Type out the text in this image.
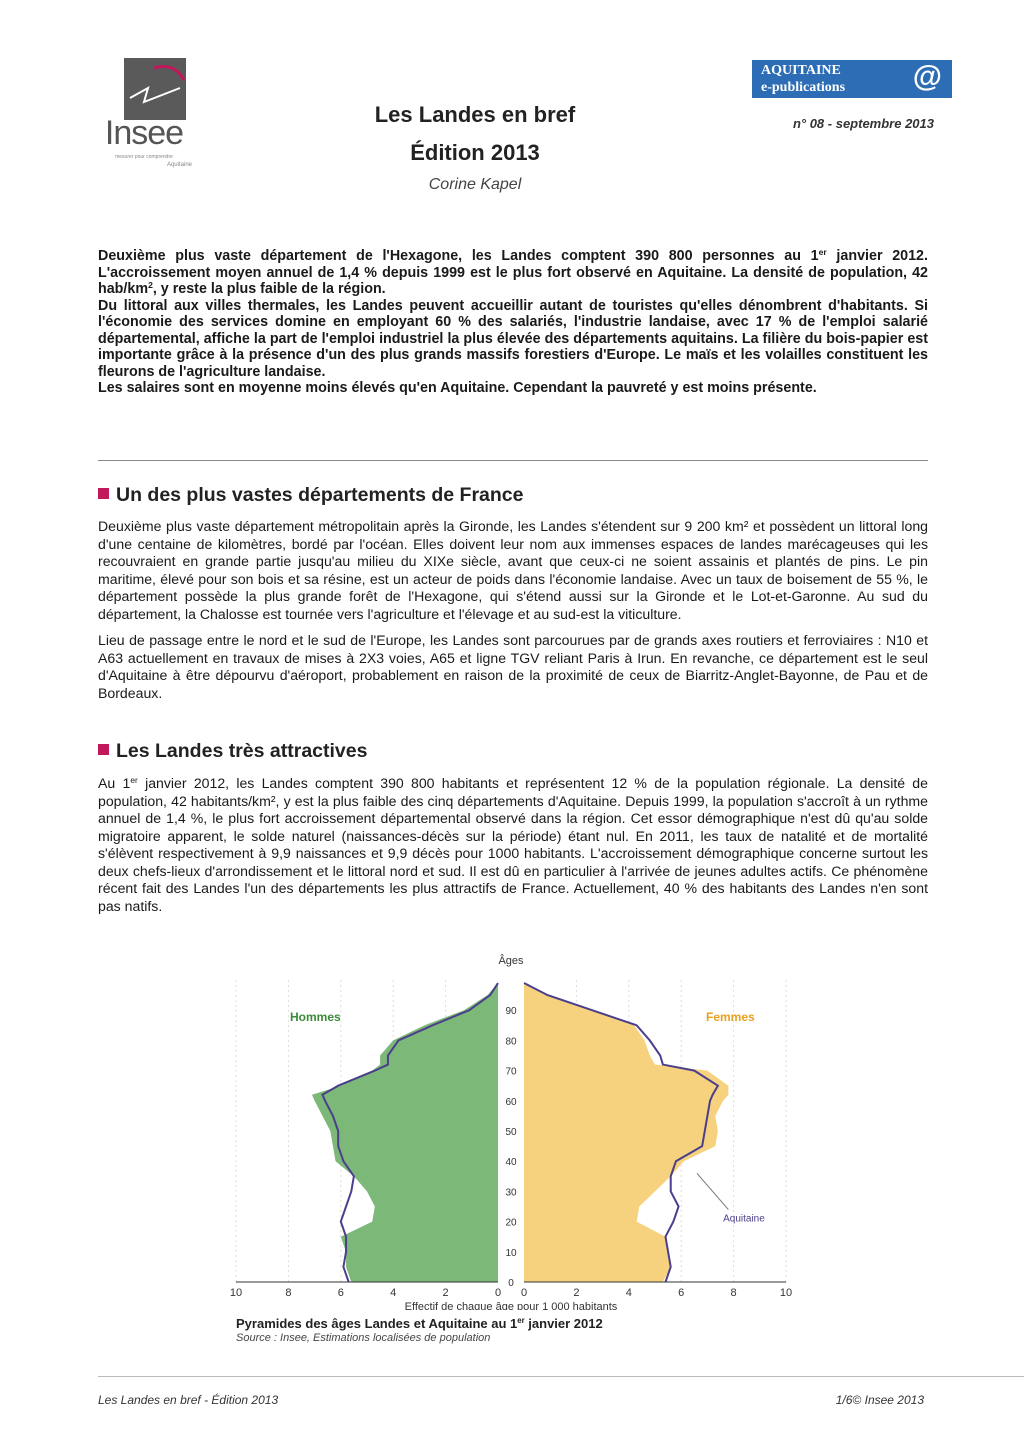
Insee
mesurer pour comprendre
Aquitaine
AQUITAINE
e-publications @
n° 08 - septembre 2013
Les Landes en bref
Édition 2013
Corine Kapel

Deuxième plus vaste département de l'Hexagone, les Landes comptent 390 800 personnes au 1er janvier 2012. L'accroissement moyen annuel de 1,4 % depuis 1999 est le plus fort observé en Aquitaine. La densité de population, 42 hab/$km^2$, y reste la plus faible de la région.

Du littoral aux villes thermales, les Landes peuvent accueillir autant de touristes qu'elles dénombrent d'habitants. Si l'économie des services domine en employant 60 % des salariés, l'industrie landaise, avec 17 % de l'emploi salarié départemental, affiche la part de l'emploi industriel la plus élevée des départements aquitains. La filière du bois-papier est importante grâce à la présence d'un des plus grands massifs forestiers d'Europe. Le maïs et les volailles constituent les fleurons de l'agriculture landaise.

Les salaires sont en moyenne moins élevés qu'en Aquitaine. Cependant la pauvreté y est moins présente.

Un des plus vastes départements de France

Deuxième plus vaste département métropolitain après la Gironde, les Landes s'étendent sur 9 200 km² et possèdent un littoral long d'une centaine de kilomètres, bordé par l'océan. Elles doivent leur nom aux immenses espaces de landes marécageuses qui les recouvraient en grande partie jusqu'au milieu du XIXe siècle, avant que ceux-ci ne soient assainis et plantés de pins. Le pin maritime, élevé pour son bois et sa résine, est un acteur de poids dans l'économie landaise. Avec un taux de boisement de 55 %, le département possède la plus grande forêt de l'Hexagone, qui s'étend aussi sur la Gironde et le Lot-et-Garonne. Au sud du département, la Chalosse est tournée vers l'agriculture et l'élevage et au sud-est la viticulture.

Lieu de passage entre le nord et le sud de l'Europe, les Landes sont parcourues par de grands axes routiers et ferroviaires : N10 et A63 actuellement en travaux de mises à 2X3 voies, A65 et ligne TGV reliant Paris à Irun. En revanche, ce département est le seul d'Aquitaine à être dépourvu d'aéroport, probablement en raison de la proximité de ceux de Biarritz-Anglet-Bayonne, de Pau et de Bordeaux.

Les Landes très attractives

Au 1er janvier 2012, les Landes comptent 390 800 habitants et représentent 12 % de la population régionale. La densité de population, 42 habitants/km², y est la plus faible des cinq départements d'Aquitaine. Depuis 1999, la population s'accroît à un rythme annuel de 1,4 %, le plus fort accroissement départemental observé dans la région. Cet essor démographique n'est dû qu'au solde migratoire apparent, le solde naturel (naissances-décès sur la période) étant nul. En 2011, les taux de natalité et de mortalité s'élèvent respectivement à 9,9 naissances et 9,9 décès pour 1000 habitants. L'accroissement démographique concerne surtout les deux chefs-lieux d'arrondissement et le littoral nord et sud. Il est dû en particulier à l'arrivée de jeunes adultes actifs. Ce phénomène récent fait des Landes l'un des départements les plus attractifs de France. Actuellement, 40 % des habitants des Landes n'en sont pas natifs.

0
10
20
30
40
50
60
70
80
90
Âges
10	8	6	4	2	0 0	2	4	6	8	10
Effectif de chaque âge pour 1 000 habitants
Hommes	Femmes
Aquitaine
Pyramides des âges Landes et Aquitaine au 1er janvier 2012
Source : Insee, Estimations localisées de population
Les Landes en bref - Édition 2013	1/6© Insee 2013
